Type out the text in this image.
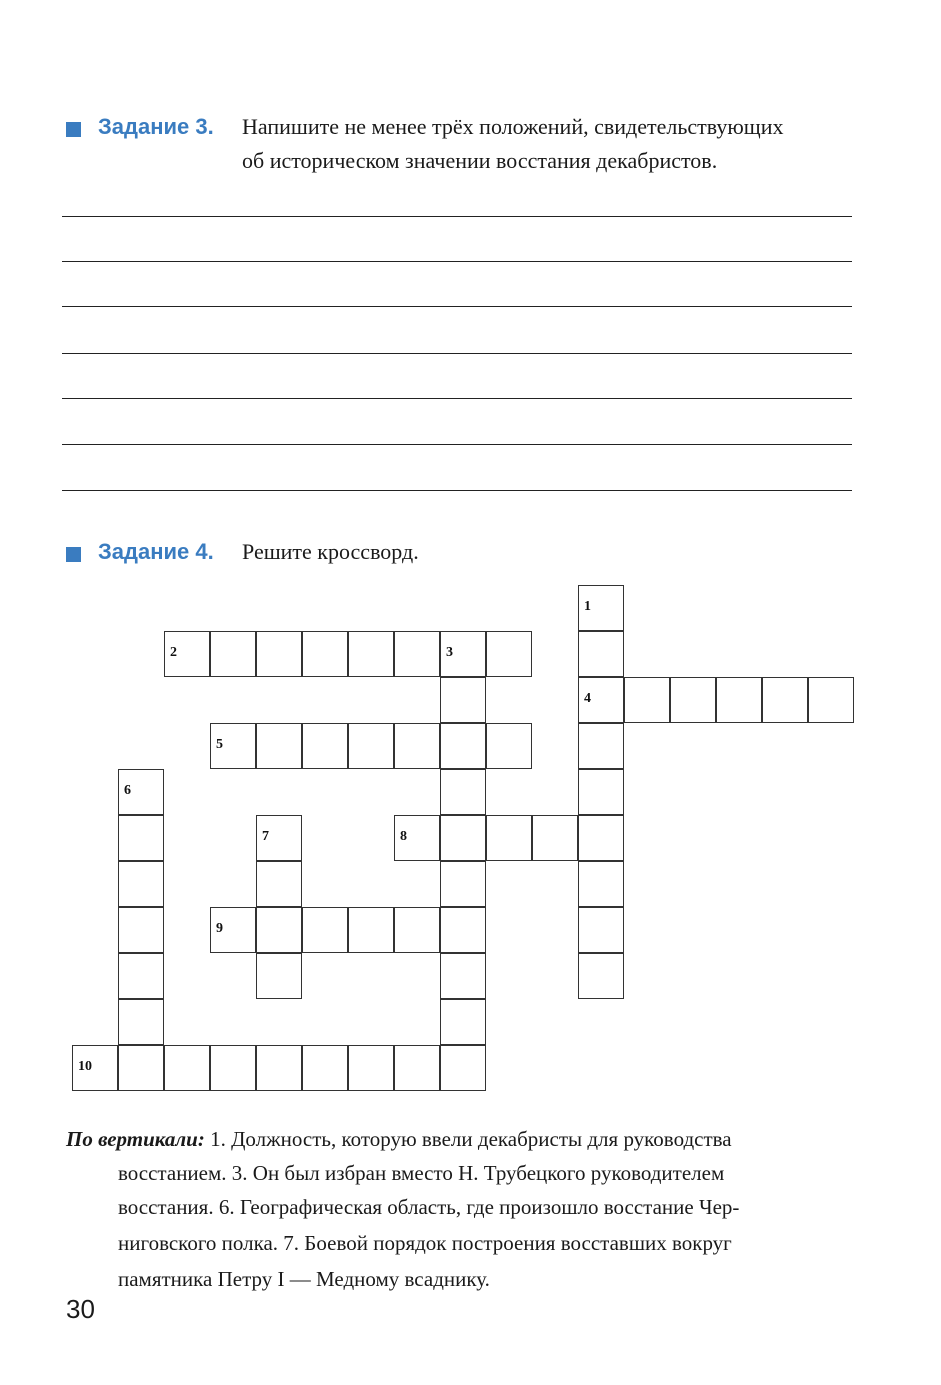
Задание 3. Напишите не менее трёх положений, свидетельствующих
об историческом значении восстания декабристов.
Задание 4. Решите кроссворд.
1
2	3
4
5
6
7	8
9
10
По вертикали: 1. Должность, которую ввели декабристы для руководства
восстанием. 3. Он был избран вместо Н. Трубецкого руководителем
восстания. 6. Географическая область, где произошло восстание Чер-
ниговского полка. 7. Боевой порядок построения восставших вокруг
памятника Петру I — Медному всаднику.
30
